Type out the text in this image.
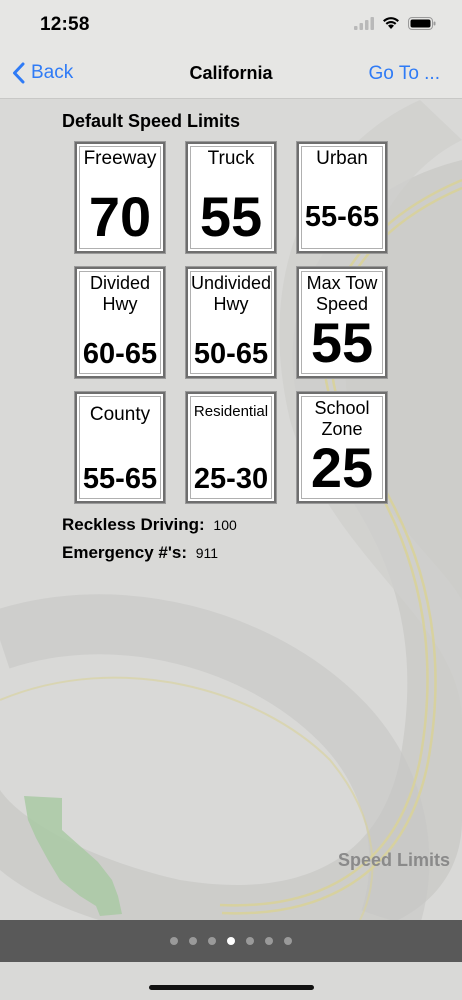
12:58
Back	California	Go To ...
Default Speed Limits
Freeway
70
Truck
55
Urban
55-65
Divided Hwy
60-65
Undivided Hwy
50-65
Max Tow Speed
55
County
55-65
Residential
25-30
School Zone
25
Reckless Driving: 100
Emergency #'s: 911
Speed Limits
